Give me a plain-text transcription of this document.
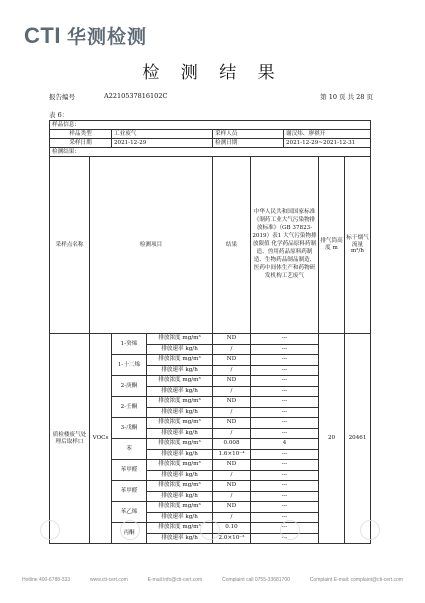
CTI 华测检测
检 测 结 果
报告编号	A2210537816102C	第 10 页 共 28 页
表 6：
样品信息:								
样品类型		工业废气		采样人员		谢汉炜、廖祺开		
采样日期		2021-12-29		检测日期		2021-12-29~2021-12-31		
检测结果:								
采样点名称	检测项目			结果	中华人民共和国国家标准《制药工业大气污染物排放标准》（GB 37823-2019）表1 大气污染物排放限值 化学药品原料药制造、兽用药品原料药制造、生物药品制品制造、医药中间体生产和药物研发机构工艺废气		排气筒高度 m	标干烟气流量 m³/h
质检楼废气处理后取样口	VOCs	1-癸烯	排放浓度 mg/m³	ND	---		20	20461
			排放速率 kg/h	/	---			
		1-十二烯	排放浓度 mg/m³	ND	---			
			排放速率 kg/h	/	---			
		2-庚酮	排放浓度 mg/m³	ND	---			
			排放速率 kg/h	/	---			
		2-壬酮	排放浓度 mg/m³	ND	---			
			排放速率 kg/h	/	---			
		3-戊酮	排放浓度 mg/m³	ND	---			
			排放速率 kg/h	/	---			
		苯	排放浓度 mg/m³	0.008	4			
			排放速率 kg/h	1.6×10⁻⁴	---			
		苯甲醛	排放浓度 mg/m³	ND	---			
			排放速率 kg/h	/	---			
		苯甲醛	排放浓度 mg/m³	ND	---			
			排放速率 kg/h	/	---			
		苯乙烯	排放浓度 mg/m³	ND	---			
			排放速率 kg/h	/	---			
		丙酮	排放浓度 mg/m³	0.10	---			
			排放速率 kg/h	2.0×10⁻³	---			
Hotline 400-6788-333	www.cti-cert.com	E-mail:info@cti-cert.com	Complaint call 0755-33681700	Complaint E-mail: complaint@cti-cert.com
